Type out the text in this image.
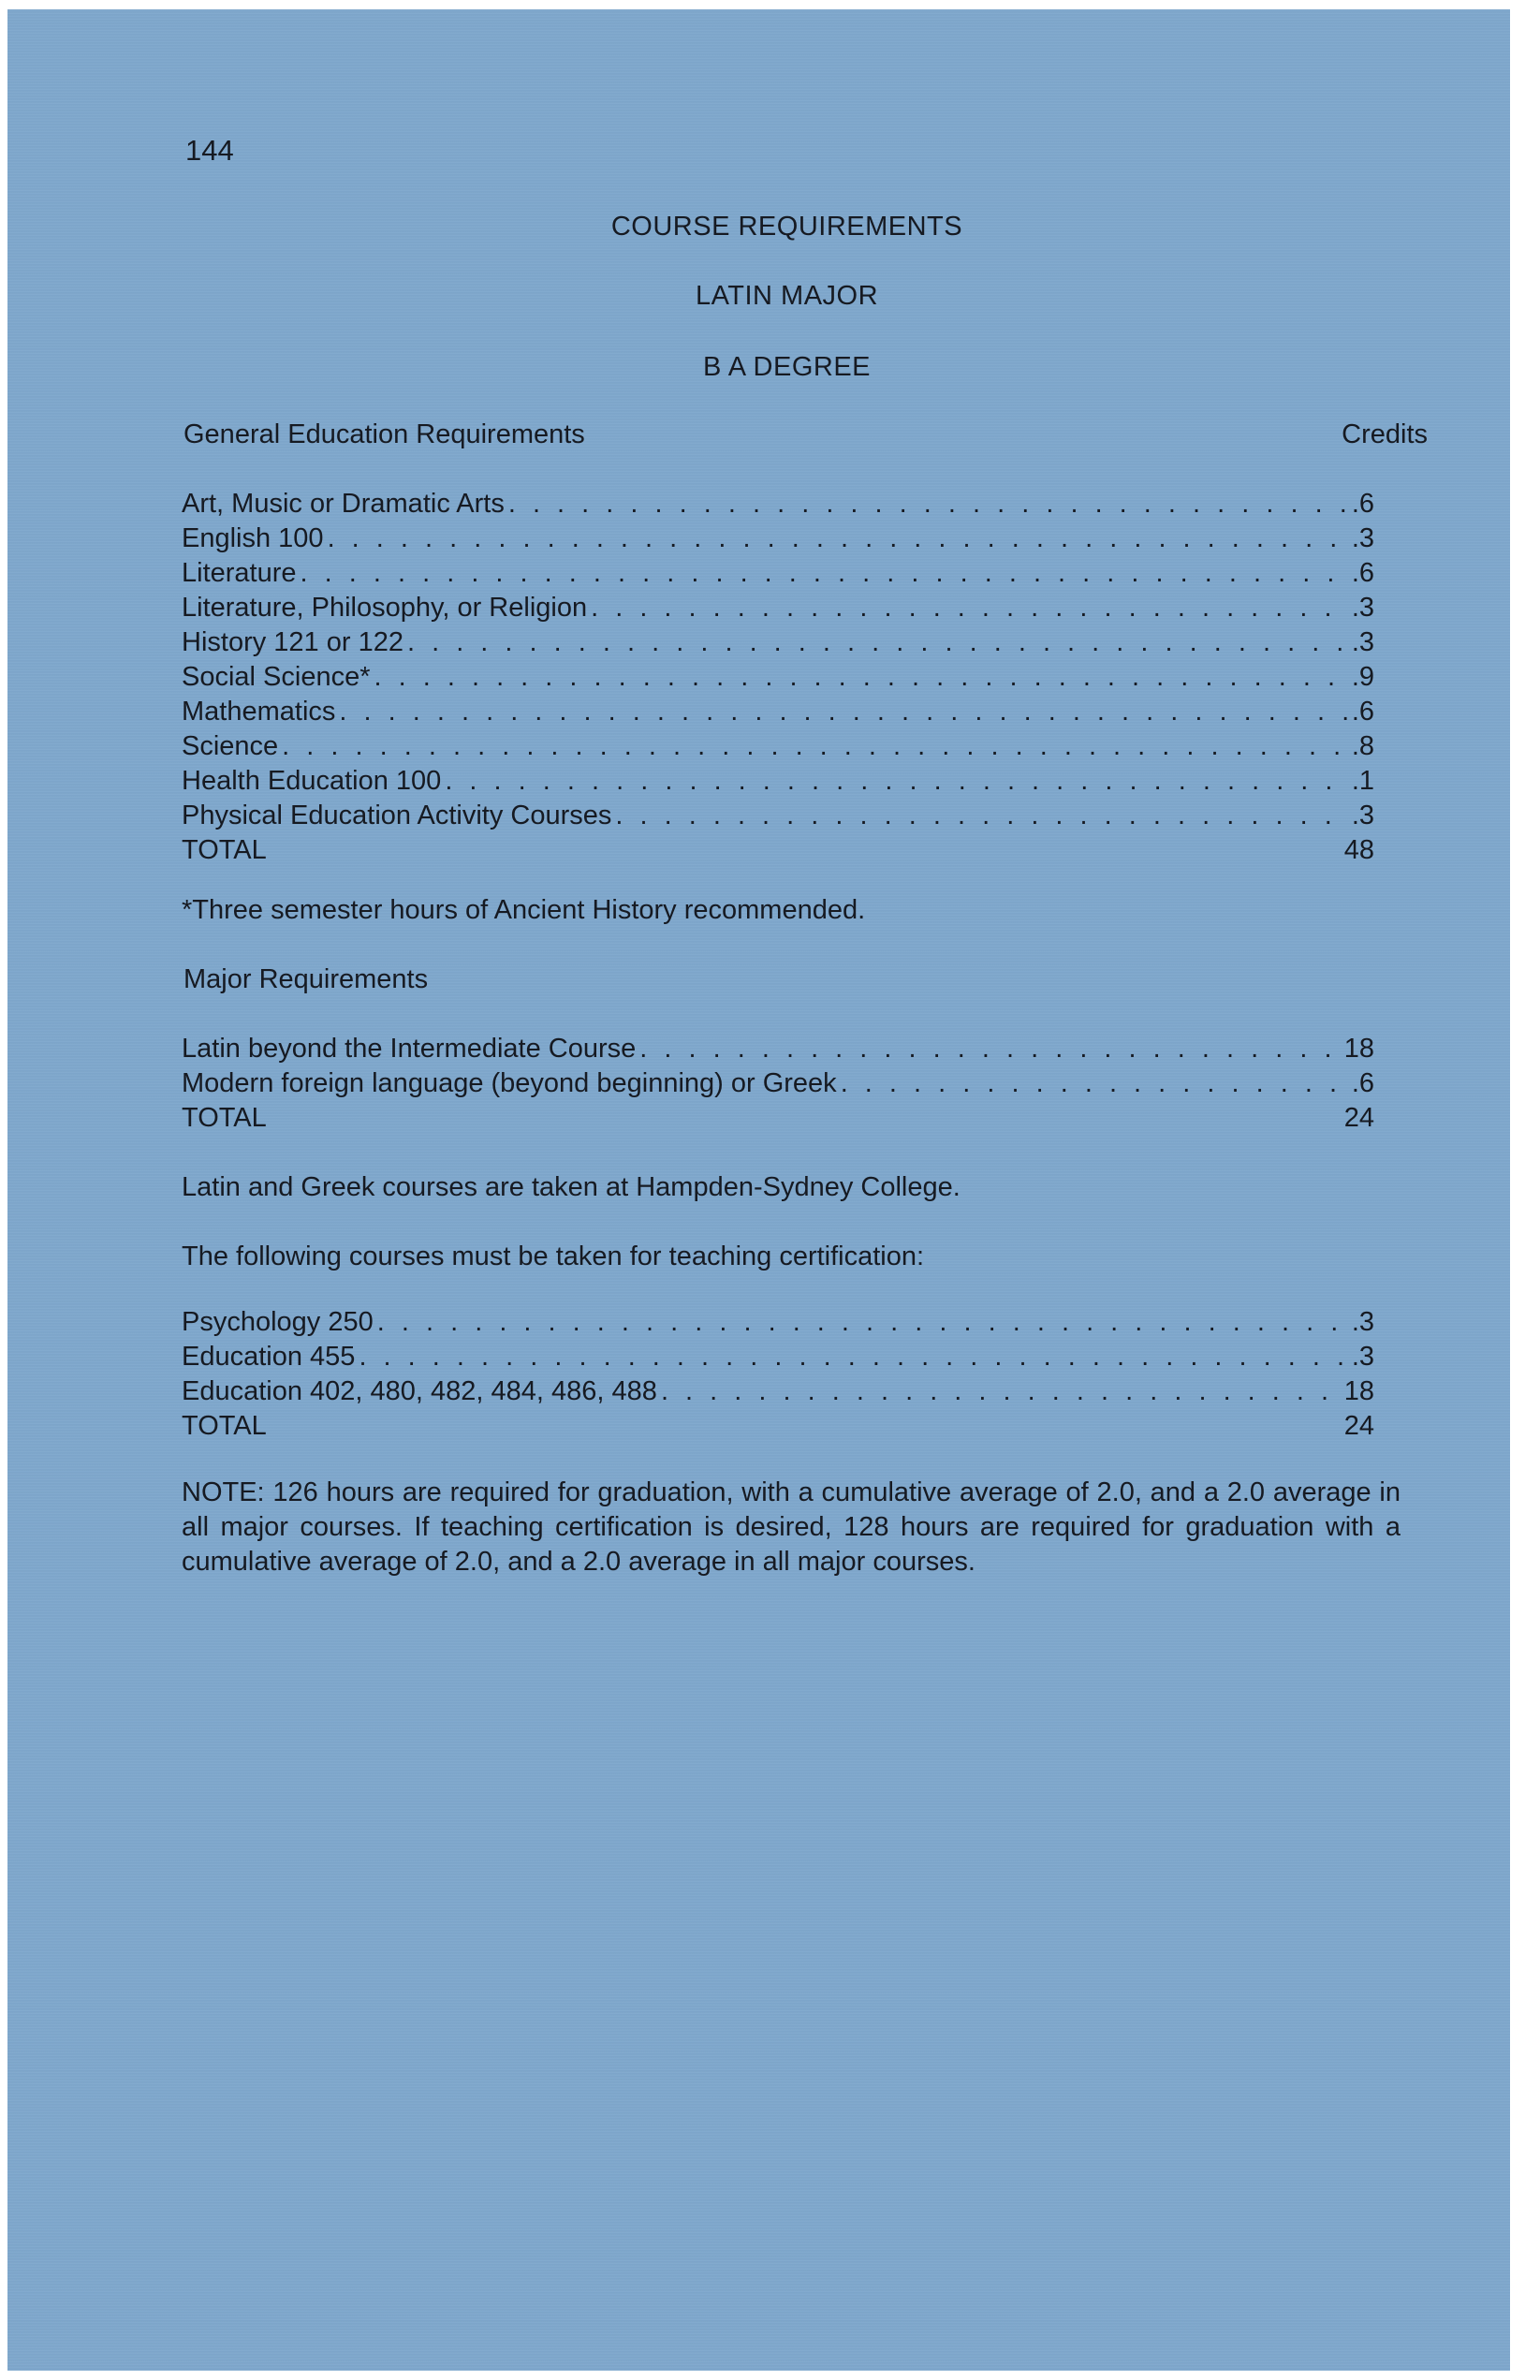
144
COURSE REQUIREMENTS
LATIN MAJOR
B A DEGREE
General Education Requirements	Credits
Art, Music or Dramatic Arts . . .	.6
English 100 . . .	.3
Literature . . .	.6
Literature, Philosophy, or Religion . . .	.3
History 121 or 122 . . .	.3
Social Science* . . .	.9
Mathematics . . .	.6
Science . . .	.8
Health Education 100 . . .	.1
Physical Education Activity Courses . . .	.3
TOTAL	48
*Three semester hours of Ancient History recommended.
Major Requirements
Latin beyond the Intermediate Course . . .	18
Modern foreign language (beyond beginning) or Greek . . .	.6
TOTAL	24
Latin and Greek courses are taken at Hampden-Sydney College.
The following courses must be taken for teaching certification:
Psychology 250 . . .	.3
Education 455 . . .	.3
Education 402, 480, 482, 484, 486, 488 . . .	18
TOTAL	24
NOTE: 126 hours are required for graduation, with a cumulative average of 2.0, and a 2.0 average in all major courses. If teaching certification is desired, 128 hours are required for graduation with a cumulative average of 2.0, and a 2.0 average in all major courses.
